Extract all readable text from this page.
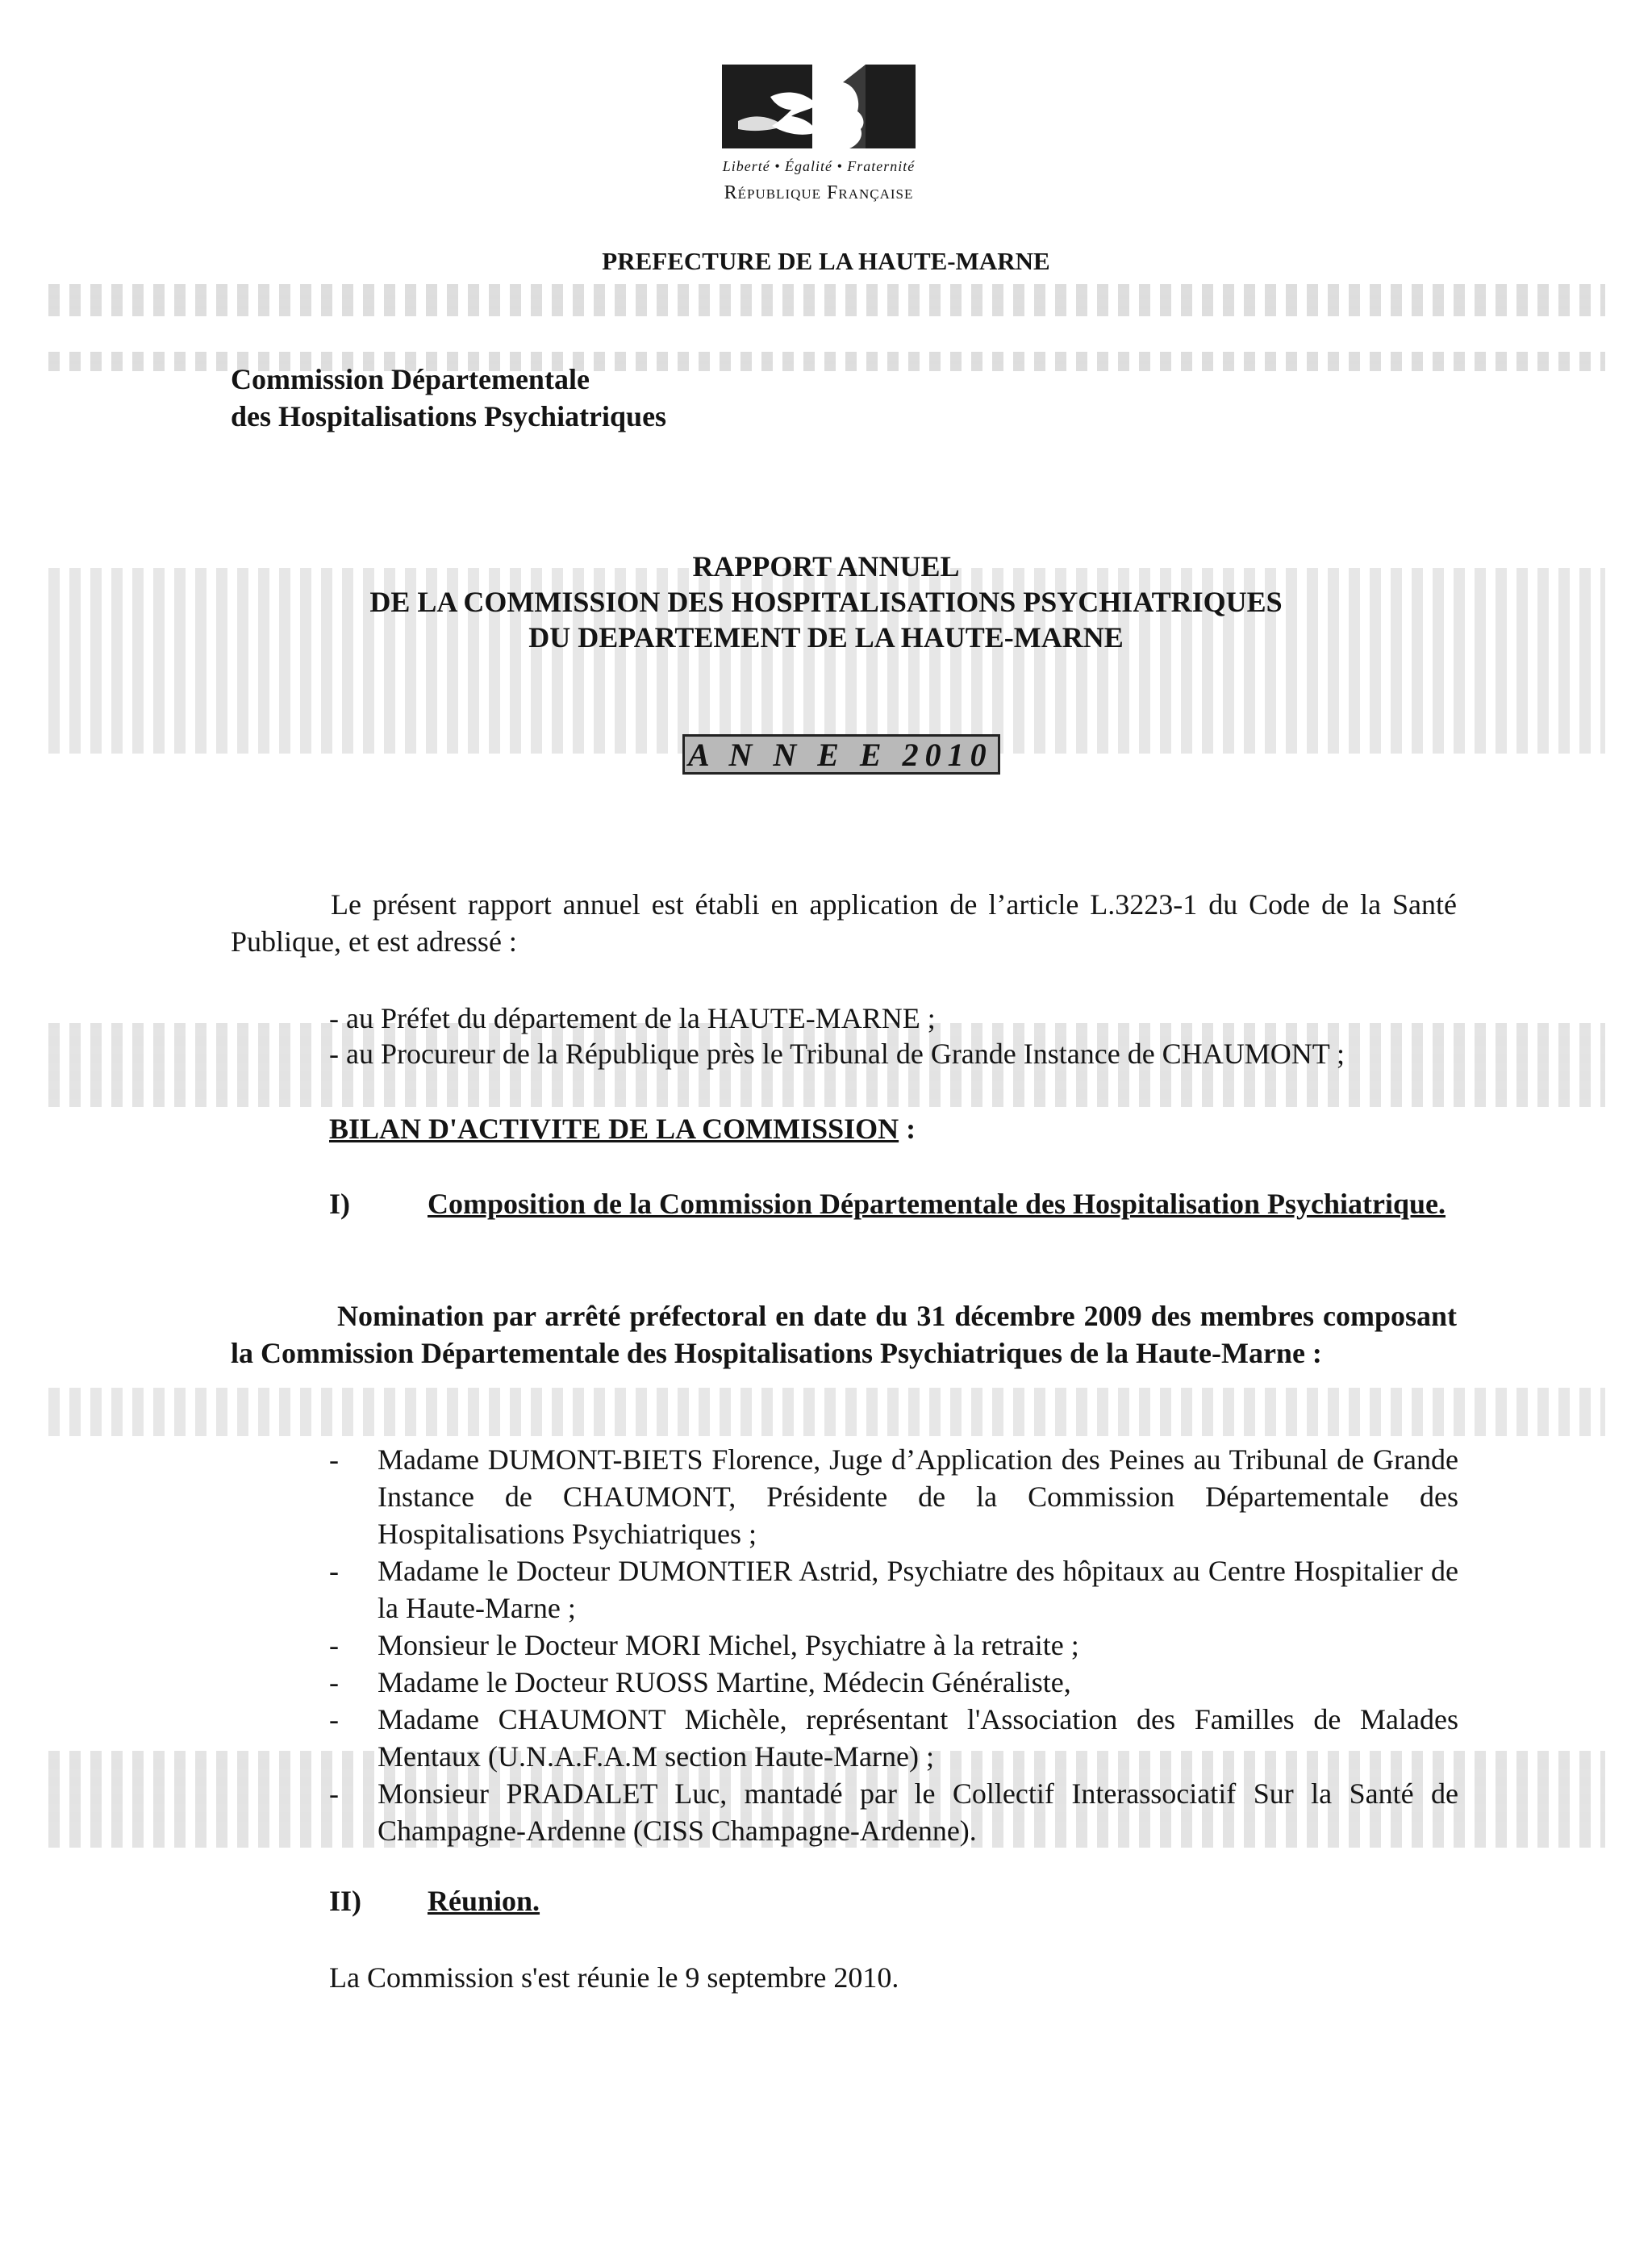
Liberté • Égalité • Fraternité
République Française
PREFECTURE DE LA HAUTE-MARNE
Commission Départementale
des Hospitalisations Psychiatriques
RAPPORT ANNUEL
DE LA COMMISSION DES HOSPITALISATIONS PSYCHIATRIQUES
DU DEPARTEMENT DE LA HAUTE-MARNE
A N N E E 2010
Le présent rapport annuel est établi en application de l’article L.3223-1 du Code de la Santé Publique, et est adressé :
- au Préfet du département de la HAUTE-MARNE ;
- au Procureur de la République près le Tribunal de Grande Instance de CHAUMONT ;
BILAN D'ACTIVITE DE LA COMMISSION :
I)	Composition de la Commission Départementale des Hospitalisation Psychiatrique.
Nomination par arrêté préfectoral en date du 31 décembre 2009 des membres composant la Commission Départementale des Hospitalisations Psychiatriques de la Haute-Marne :
- Madame DUMONT-BIETS Florence, Juge d’Application des Peines au Tribunal de Grande Instance de CHAUMONT, Présidente de la Commission Départementale des Hospitalisations Psychiatriques ;
- Madame le Docteur DUMONTIER Astrid, Psychiatre des hôpitaux au Centre Hospitalier de la Haute-Marne ;
- Monsieur le Docteur MORI Michel, Psychiatre à la retraite ;
- Madame le Docteur RUOSS Martine, Médecin Généraliste,
- Madame CHAUMONT Michèle, représentant l'Association des Familles de Malades Mentaux (U.N.A.F.A.M section Haute-Marne) ;
- Monsieur PRADALET Luc, mantadé par le Collectif Interassociatif Sur la Santé de Champagne-Ardenne (CISS Champagne-Ardenne).
II) Réunion.
La Commission s'est réunie le 9 septembre 2010.
